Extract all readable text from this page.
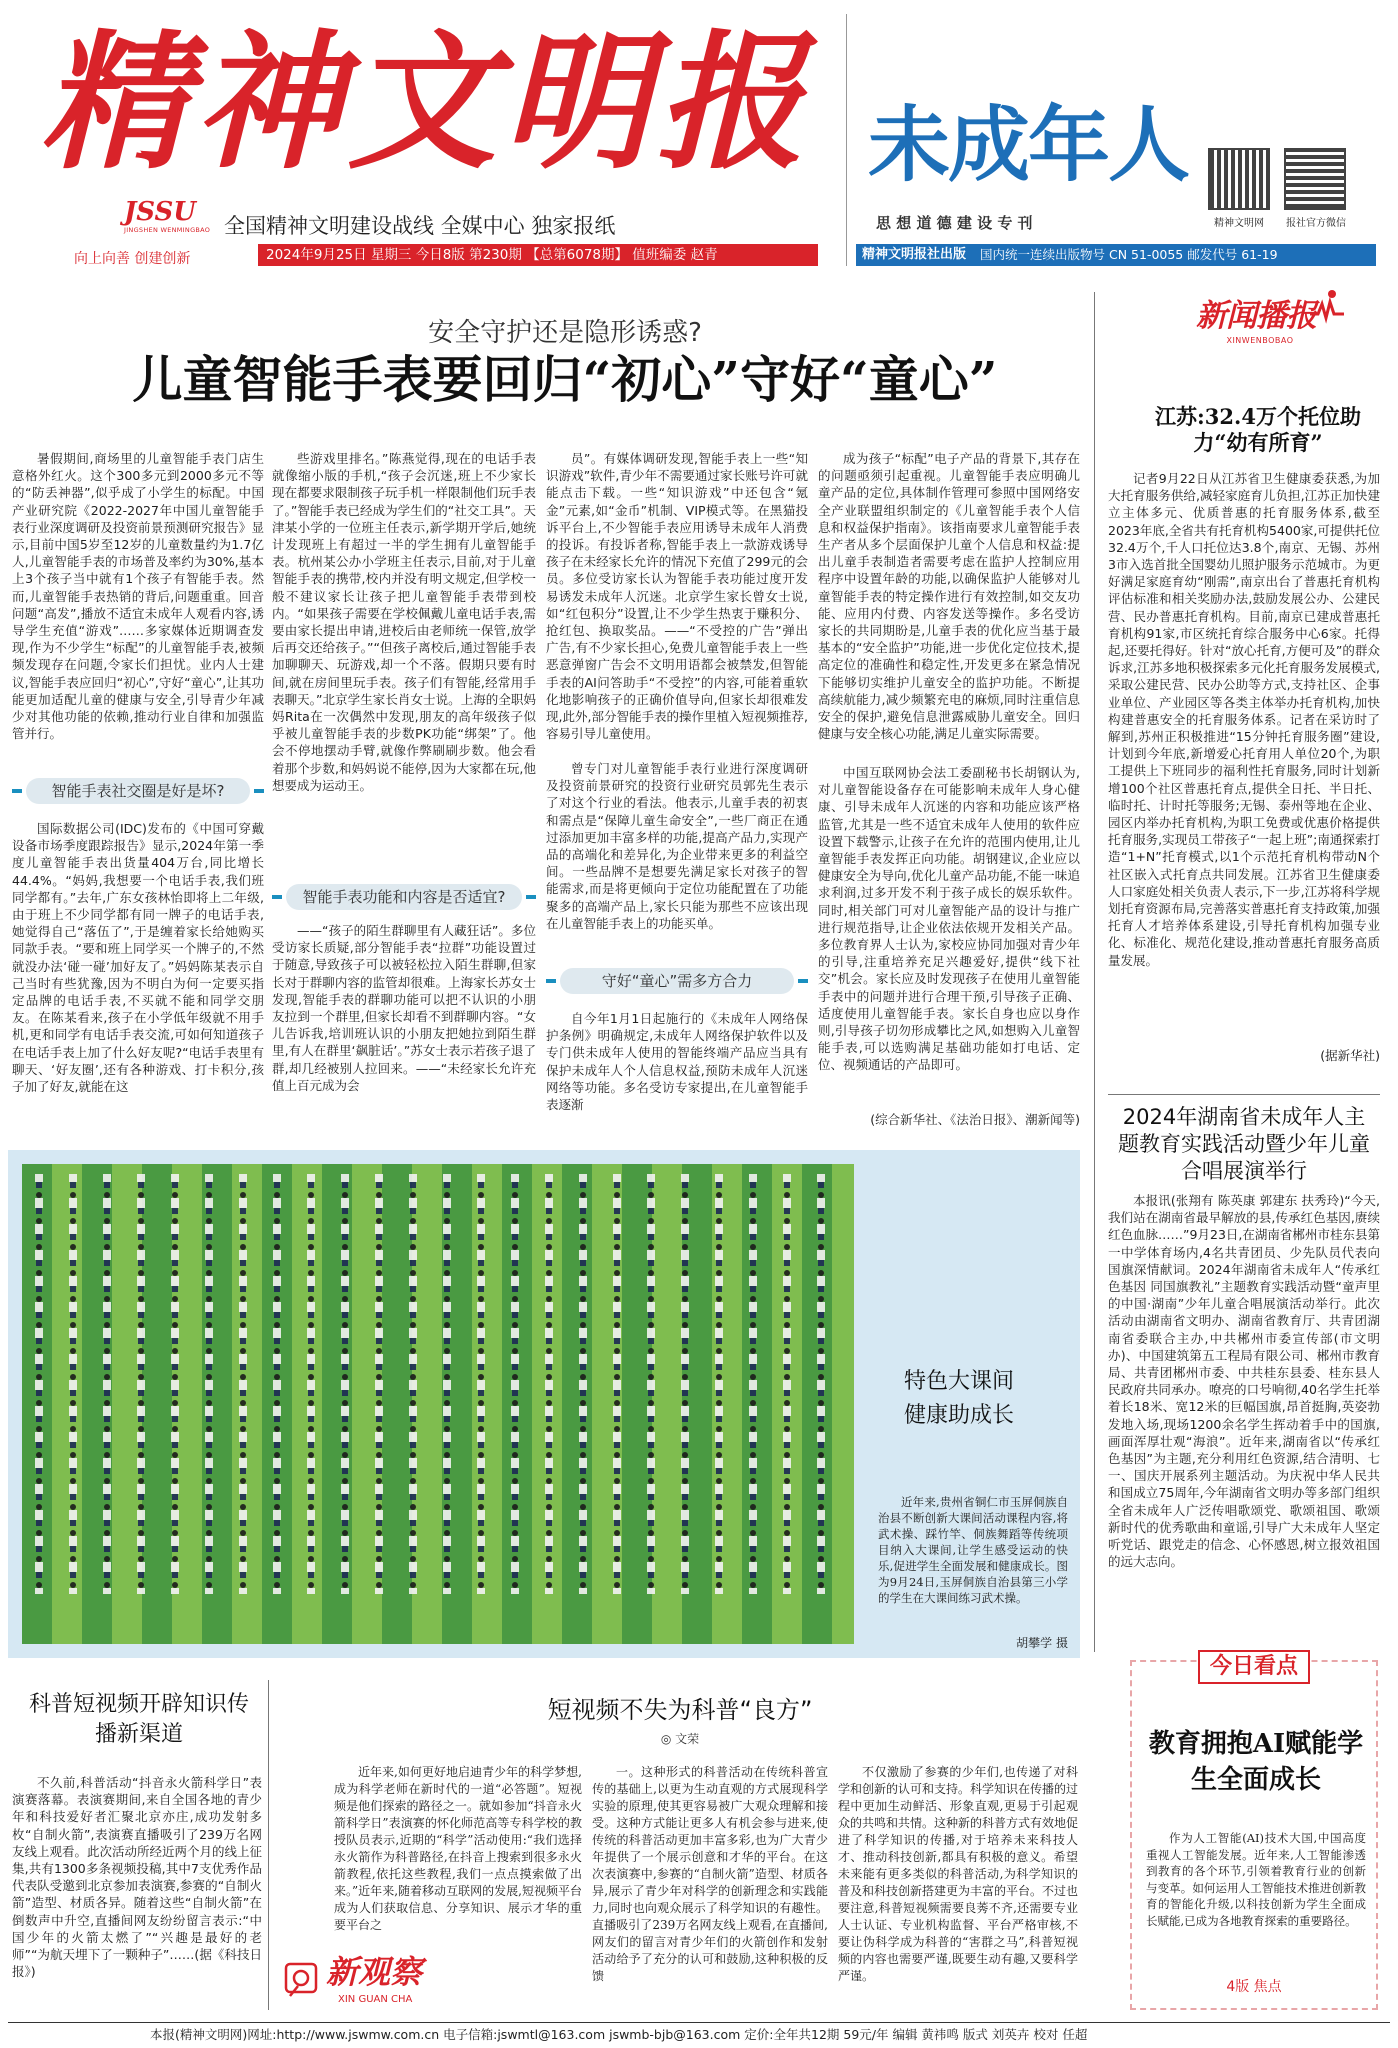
精神文明报
JSSU
JINGSHEN WENMINGBAO 全国精神文明建设战线 全媒中心 独家报纸
向上向善 创建创新	2024年9月25日 星期三 今日8版 第230期 【总第6078期】 值班编委 赵青
未成年人
思 想 道 德 建 设 专 刊	精神文明网	报社官方微信
精神文明报社出版 国内统一连续出版物号 CN 51-0055 邮发代号 61-19
安全守护还是隐形诱惑?
儿童智能手表要回归“初心”守好“童心”

暑假期间,商场里的儿童智能手表门店生意格外红火。这个300多元到2000多元不等的“防丢神器”,似乎成了小学生的标配。中国产业研究院《2022-2027年中国儿童智能手表行业深度调研及投资前景预测研究报告》显示,目前中国5岁至12岁的儿童数量约为1.7亿人,儿童智能手表的市场普及率约为30%,基本上3个孩子当中就有1个孩子有智能手表。然而,儿童智能手表热销的背后,问题重重。回音问题“高发”,播放不适宜未成年人观看内容,诱导学生充值“游戏”……多家媒体近期调查发现,作为不少学生“标配”的儿童智能手表,被频频发现存在问题,令家长们担忧。业内人士建议,智能手表应回归“初心”,守好“童心”,让其功能更加适配儿童的健康与安全,引导青少年减少对其他功能的依赖,推动行业自律和加强监管并行。

智能手表社交圈是好是坏?

国际数据公司(IDC)发布的《中国可穿戴设备市场季度跟踪报告》显示,2024年第一季度儿童智能手表出货量404万台,同比增长44.4%。“妈妈,我想要一个电话手表,我们班同学都有。”去年,广东女孩林怡即将上二年级,由于班上不少同学都有同一牌子的电话手表,她觉得自己“落伍了”,于是缠着家长给她购买同款手表。“要和班上同学买一个牌子的,不然就没办法‘碰一碰’加好友了。”妈妈陈某表示自己当时有些犹豫,因为不明白为何一定要买指定品牌的电话手表,不买就不能和同学交朋友。在陈某看来,孩子在小学低年级就不用手机,更和同学有电话手表交流,可如何知道孩子在电话手表上加了什么好友呢?“电话手表里有聊天、‘好友圈’,还有各种游戏、打卡积分,孩子加了好友,就能在这

些游戏里排名。”陈燕觉得,现在的电话手表就像缩小版的手机,“孩子会沉迷,班上不少家长现在都要求限制孩子玩手机一样限制他们玩手表了。”智能手表已经成为学生们的“社交工具”。天津某小学的一位班主任表示,新学期开学后,她统计发现班上有超过一半的学生拥有儿童智能手表。杭州某公办小学班主任表示,目前,对于儿童智能手表的携带,校内并没有明文规定,但学校一般不建议家长让孩子把儿童智能手表带到校内。“如果孩子需要在学校佩戴儿童电话手表,需要由家长提出申请,进校后由老师统一保管,放学后再交还给孩子。”“但孩子离校后,通过智能手表加聊聊天、玩游戏,却一个不落。假期只要有时间,就在房间里玩手表。孩子们有智能,经常用手表聊天。”北京学生家长肖女士说。上海的全职妈妈Rita在一次偶然中发现,朋友的高年级孩子似乎被儿童智能手表的步数PK功能“绑架”了。他会不停地摆动手臂,就像作弊刷刷步数。他会看着那个步数,和妈妈说不能停,因为大家都在玩,他想要成为运动王。

智能手表功能和内容是否适宜?

——“孩子的陌生群聊里有人藏狂话”。多位受访家长质疑,部分智能手表“拉群”功能设置过于随意,导致孩子可以被轻松拉入陌生群聊,但家长对于群聊内容的监管却很难。上海家长苏女士发现,智能手表的群聊功能可以把不认识的小朋友拉到一个群里,但家长却看不到群聊内容。“女儿告诉我,培训班认识的小朋友把她拉到陌生群里,有人在群里‘飙脏话’。”苏女士表示若孩子退了群,却几经被别人拉回来。——“未经家长允许充值上百元成为会

员”。有媒体调研发现,智能手表上一些“知识游戏”软件,青少年不需要通过家长账号许可就能点击下载。一些“知识游戏”中还包含“氪金”元素,如“金币”机制、VIP模式等。在黑猫投诉平台上,不少智能手表应用诱导未成年人消费的投诉。有投诉者称,智能手表上一款游戏诱导孩子在未经家长允许的情况下充值了299元的会员。多位受访家长认为智能手表功能过度开发易诱发未成年人沉迷。北京学生家长曾女士说,如“红包积分”设置,让不少学生热衷于赚积分、抢红包、换取奖品。——“不受控的广告”弹出广告,有不少家长担心,免费儿童智能手表上一些恶意弹窗广告会不文明用语都会被禁发,但智能手表的AI问答助手“不受控”的内容,可能着重软化地影响孩子的正确价值导向,但家长却很难发现,此外,部分智能手表的操作里植入短视频推荐,容易引导儿童使用。

曾专门对儿童智能手表行业进行深度调研及投资前景研究的投资行业研究员郭先生表示了对这个行业的看法。他表示,儿童手表的初衷和需点是“保障儿童生命安全”,一些厂商正在通过添加更加丰富多样的功能,提高产品力,实现产品的高端化和差异化,为企业带来更多的利益空间。一些品牌不是想要先满足家长对孩子的智能需求,而是将更倾向于定位功能配置在了功能聚多的高端产品上,家长只能为那些不应该出现在儿童智能手表上的功能买单。

守好“童心”需多方合力

自今年1月1日起施行的《未成年人网络保护条例》明确规定,未成年人网络保护软件以及专门供未成年人使用的智能终端产品应当具有保护未成年人个人信息权益,预防未成年人沉迷网络等功能。多名受访专家提出,在儿童智能手表逐渐

成为孩子“标配”电子产品的背景下,其存在的问题亟须引起重视。儿童智能手表应明确儿童产品的定位,具体制作管理可参照中国网络安全产业联盟组织制定的《儿童智能手表个人信息和权益保护指南》。该指南要求儿童智能手表生产者从多个层面保护儿童个人信息和权益:提出儿童手表制造者需要考虑在监护人控制应用程序中设置年龄的功能,以确保监护人能够对儿童智能手表的特定操作进行有效控制,如交友功能、应用内付费、内容发送等操作。多名受访家长的共同期盼是,儿童手表的优化应当基于最基本的“安全监护”功能,进一步优化定位技术,提高定位的准确性和稳定性,开发更多在紧急情况下能够切实维护儿童安全的监护功能。不断提高续航能力,减少频繁充电的麻烦,同时注重信息安全的保护,避免信息泄露威胁儿童安全。回归健康与安全核心功能,满足儿童实际需要。

中国互联网协会法工委副秘书长胡钢认为,对儿童智能设备存在可能影响未成年人身心健康、引导未成年人沉迷的内容和功能应该严格监管,尤其是一些不适宜未成年人使用的软件应设置下载警示,让孩子在允许的范围内使用,让儿童智能手表发挥正向功能。胡钢建议,企业应以健康安全为导向,优化儿童产品功能,不能一味追求利润,过多开发不利于孩子成长的娱乐软件。同时,相关部门可对儿童智能产品的设计与推广进行规范指导,让企业依法依规开发相关产品。多位教育界人士认为,家校应协同加强对青少年的引导,注重培养充足兴趣爱好,提供“线下社交”机会。家长应及时发现孩子在使用儿童智能手表中的问题并进行合理干预,引导孩子正确、适度使用儿童智能手表。家长自身也应以身作则,引导孩子切勿形成攀比之风,如想购入儿童智能手表,可以选购满足基础功能如打电话、定位、视频通话的产品即可。

(综合新华社、《法治日报》、潮新闻等)
新闻播报
XINWENBOBAO
江苏:32.4万个托位助力“幼有所育”

记者9月22日从江苏省卫生健康委获悉,为加大托育服务供给,减轻家庭育儿负担,江苏正加快建立主体多元、优质普惠的托育服务体系,截至2023年底,全省共有托育机构5400家,可提供托位32.4万个,千人口托位达3.8个,南京、无锡、苏州3市入选首批全国婴幼儿照护服务示范城市。为更好满足家庭育幼“刚需”,南京出台了普惠托育机构评估标准和相关奖励办法,鼓励发展公办、公建民营、民办普惠托育机构。目前,南京已建成普惠托育机构91家,市区统托育综合服务中心6家。托得起,还要托得好。针对“放心托育,方便可及”的群众诉求,江苏多地积极探索多元化托育服务发展模式,采取公建民营、民办公助等方式,支持社区、企事业单位、产业园区等各类主体举办托育机构,加快构建普惠安全的托育服务体系。记者在采访时了解到,苏州正积极推进“15分钟托育服务圈”建设,计划到今年底,新增爱心托育用人单位20个,为职工提供上下班同步的福利性托育服务,同时计划新增100个社区普惠托育点,提供全日托、半日托、临时托、计时托等服务;无锡、泰州等地在企业、园区内举办托育机构,为职工免费或优惠价格提供托育服务,实现员工带孩子“一起上班”;南通探索打造“1+N”托育模式,以1个示范托育机构带动N个社区嵌入式托育点共同发展。江苏省卫生健康委人口家庭处相关负责人表示,下一步,江苏将科学规划托育资源布局,完善落实普惠托育支持政策,加强托育人才培养体系建设,引导托育机构加强专业化、标准化、规范化建设,推动普惠托育服务高质量发展。

(据新华社)
2024年湖南省未成年人主题教育实践活动暨少年儿童合唱展演举行

本报讯(张翔有 陈英康 郭建东 扶秀玲)“今天,我们站在湖南省最早解放的县,传承红色基因,赓续红色血脉……”9月23日,在湖南省郴州市桂东县第一中学体育场内,4名共青团员、少先队员代表向国旗深情献词。2024年湖南省未成年人“传承红色基因 同国旗教礼”主题教育实践活动暨“童声里的中国·湖南”少年儿童合唱展演活动举行。此次活动由湖南省文明办、湖南省教育厅、共青团湖南省委联合主办,中共郴州市委宣传部(市文明办)、中国建筑第五工程局有限公司、郴州市教育局、共青团郴州市委、中共桂东县委、桂东县人民政府共同承办。嘹亮的口号响彻,40名学生托举着长18米、宽12米的巨幅国旗,昂首挺胸,英姿勃发地入场,现场1200余名学生挥动着手中的国旗,画面浑厚壮观“海浪”。近年来,湖南省以“传承红色基因”为主题,充分利用红色资源,结合清明、七一、国庆开展系列主题活动。为庆祝中华人民共和国成立75周年,今年湖南省文明办等多部门组织全省未成年人广泛传唱歌颂党、歌颂祖国、歌颂新时代的优秀歌曲和童谣,引导广大未成年人坚定听党话、跟党走的信念、心怀感恩,树立报效祖国的远大志向。

今日看点
教育拥抱AI赋能学生全面成长

作为人工智能(AI)技术大国,中国高度重视人工智能发展。近年来,人工智能渗透到教育的各个环节,引领着教育行业的创新与变革。如何运用人工智能技术推进创新教育的智能化升级,以科技创新为学生全面成长赋能,已成为各地教育探索的重要路径。

4版 焦点
特色大课间
健康助成长

近年来,贵州省铜仁市玉屏侗族自治县不断创新大课间活动课程内容,将武术操、踩竹竿、侗族舞蹈等传统项目纳入大课间,让学生感受运动的快乐,促进学生全面发展和健康成长。图为9月24日,玉屏侗族自治县第三小学的学生在大课间练习武术操。

胡攀学 摄
科普短视频开辟知识传播新渠道

不久前,科普活动“抖音永火箭科学日”表演赛落幕。表演赛期间,来自全国各地的青少年和科技爱好者汇聚北京亦庄,成功发射多枚“自制火箭”,表演赛直播吸引了239万名网友线上观看。此次活动所经近两个月的线上征集,共有1300多条视频投稿,其中7支优秀作品代表队受邀到北京参加表演赛,参赛的“自制火箭”造型、材质各异。随着这些“自制火箭”在倒数声中升空,直播间网友纷纷留言表示:“中国少年的火箭太燃了”“兴趣是最好的老师”“为航天埋下了一颗种子”……(据《科技日报》)

短视频不失为科普“良方”
◎ 文荣

近年来,如何更好地启迪青少年的科学梦想,成为科学老师在新时代的一道“必答题”。短视频是他们探索的路径之一。就如参加“抖音永火箭科学日”表演赛的怀化师范高等专科学校的教授队员表示,近期的“科学”活动使用:“我们选择永火箭作为科普路径,在抖音上搜索到很多永火箭教程,依托这些教程,我们一点点摸索做了出来。”近年来,随着移动互联网的发展,短视频平台成为人们获取信息、分享知识、展示才华的重要平台之

一。这种形式的科普活动在传统科普宣传的基础上,以更为生动直观的方式展现科学实验的原理,使其更容易被广大观众理解和接受。这种方式能让更多人有机会参与进来,使传统的科普活动更加丰富多彩,也为广大青少年提供了一个展示创意和才华的平台。在这次表演赛中,参赛的“自制火箭”造型、材质各异,展示了青少年对科学的创新理念和实践能力,同时也向观众展示了科学知识的有趣性。直播吸引了239万名网友线上观看,在直播间,网友们的留言对青少年们的火箭创作和发射活动给予了充分的认可和鼓励,这种积极的反馈

不仅激励了参赛的少年们,也传递了对科学和创新的认可和支持。科学知识在传播的过程中更加生动鲜活、形象直观,更易于引起观众的共鸣和共情。这种新的科普方式有效地促进了科学知识的传播,对于培养未来科技人才、推动科技创新,都具有积极的意义。希望未来能有更多类似的科普活动,为科学知识的普及和科技创新搭建更为丰富的平台。不过也要注意,科普短视频需要良莠不齐,还需要专业人士认证、专业机构监督、平台严格审核,不要让伪科学成为科普的“害群之马”,科普短视频的内容也需要严谨,既要生动有趣,又要科学严谨。

新观察
XIN GUAN CHA
本报(精神文明网)网址:http://www.jswmw.com.cn 电子信箱:jswmtl@163.com jswmb-bjb@163.com 定价:全年共12期 59元/年 编辑 黄祎鸣 版式 刘英卉 校对 任超
